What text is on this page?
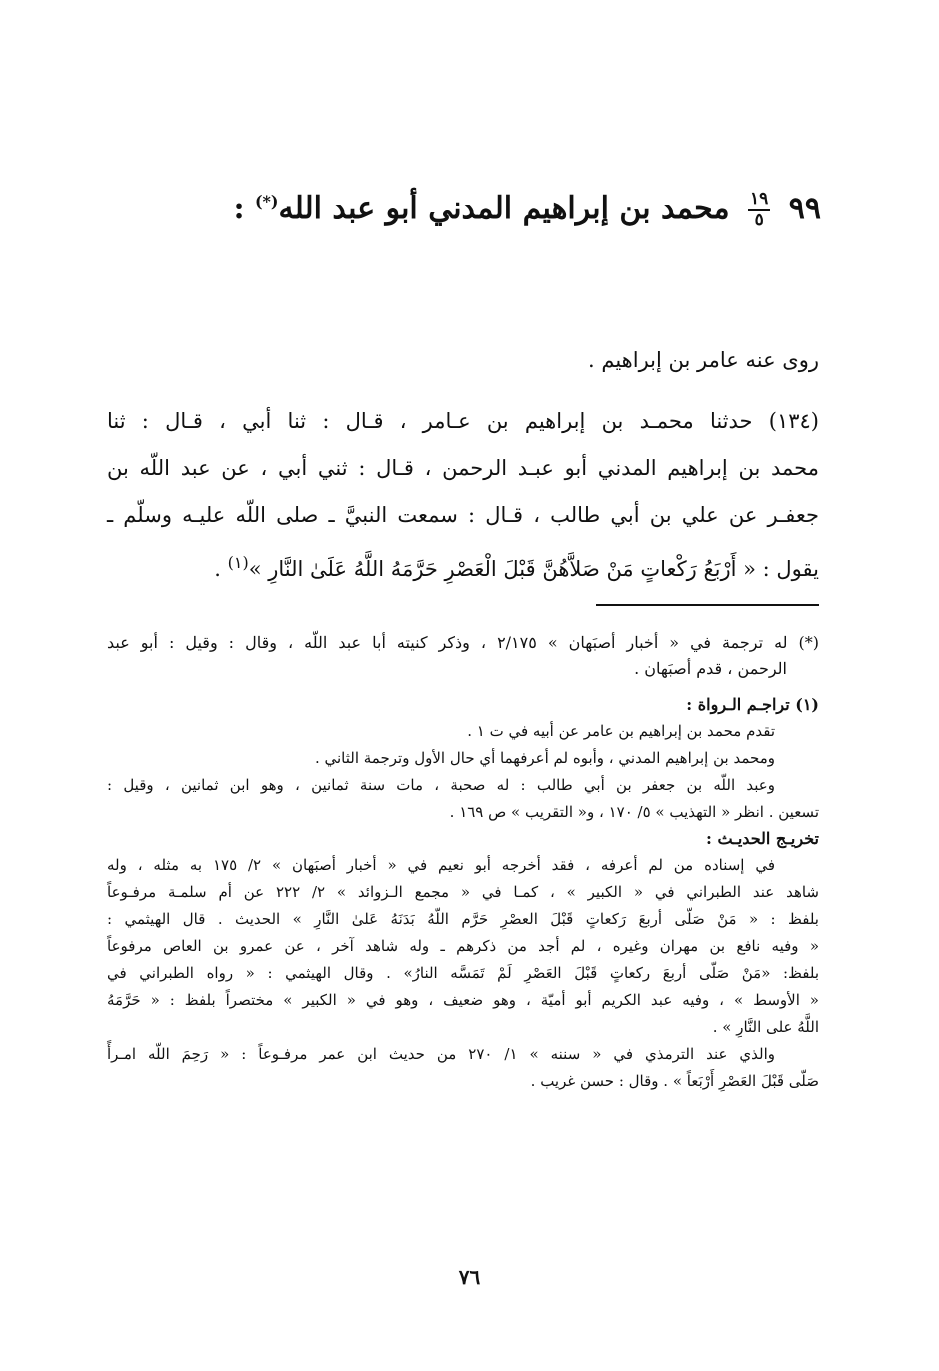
٩٩
$\frac{١٩}{٥}$
محمد بن إبراهيم المدني أبو عبد الله(*) :
روى عنه عامر بن إبراهيم .
(١٣٤) حدثنا محمـد بن إبراهيم بن عـامر ، قـال : ثنا أبي ، قـال : ثنا
محمد بن إبراهيم المدني أبو عبـد الرحمن ، قـال : ثني أبي ، عن عبد اللّه بن
جعفـر عن علي بن أبي طالب ، قـال : سمعت النبيَّ ـ صلى اللّه عليـه وسلّم ـ
يقول : « أَرْبَعُ رَكْعاتٍ مَنْ صَلاَّهُنَّ قَبْلَ الْعَصْرِ حَرَّمَهُ اللَّهُ عَلَىٰ النَّارِ »$^{(١)}$ .
(*) له ترجمة في « أخبار أصبَهان » ٢/١٧٥ ، وذكر كنيته أبا عبد اللّه ، وقال : وقيل : أبو عبد
الرحمن ، قدم أصبَهان .
(١) تراجـم الـرواة :
تقدم محمد بن إبراهيم بن عامر عن أبيه في ت ١ .
ومحمد بن إبراهيم المدني ، وأبوه لم أعرفهما أي حال الأول وترجمة الثاني .
وعبد اللّه بن جعفر بن أبي طالب : له صحبة ، مات سنة ثمانين ، وهو ابن ثمانين ، وقيل :
تسعين . انظر « التهذيب » ٥/ ١٧٠ ، و« التقريب » ص ١٦٩ .
تخريـج الحديـث :
في إسناده من لم أعرفه ، فقد أخرجه أبو نعيم في « أخبار أصبَهان » ٢/ ١٧٥ به مثله ، وله
شاهد عند الطبراني في « الكبير » ، كمـا في « مجمع الـزوائد » ٢/ ٢٢٢ عن أم سلمـة مرفـوعاً
بلفظ : « مَنْ صَلّى أربعَ رَكعاتٍ قَبْلَ العصْرِ حَرَّم اللّهُ بَدَنَهُ عَلىٰ النَّارِ » الحديث . قال الهيثمي :
« وفيه نافع بن مهران وغيره ، لم أجد من ذكرهم ـ وله شاهد آخر ، عن عمرو بن العاص مرفوعاً
بلفظ: «مَنْ صَلّى أربعَ ركعاتٍ قَبْلَ العَصْرِ لَمْ تَمَسَّه النارُ» . وقال الهيثمي : « رواه الطبراني في
« الأوسط » ، وفيه عبد الكريم أبو أميّة ، وهو ضعيف ، وهو في « الكبير » مختصراً بلفظ : « حَرَّمَهُ
اللَّهُ على النَّارِ » .
والذي عند الترمذي في « سننه » ١/ ٢٧٠ من حديث ابن عمر مرفـوعاً : « رَحِمَ اللّه امـرأً
صَلّى قَبْلَ العَصْرِ أَرْبَعاً » . وقال : حسن غريب .
٧٦
